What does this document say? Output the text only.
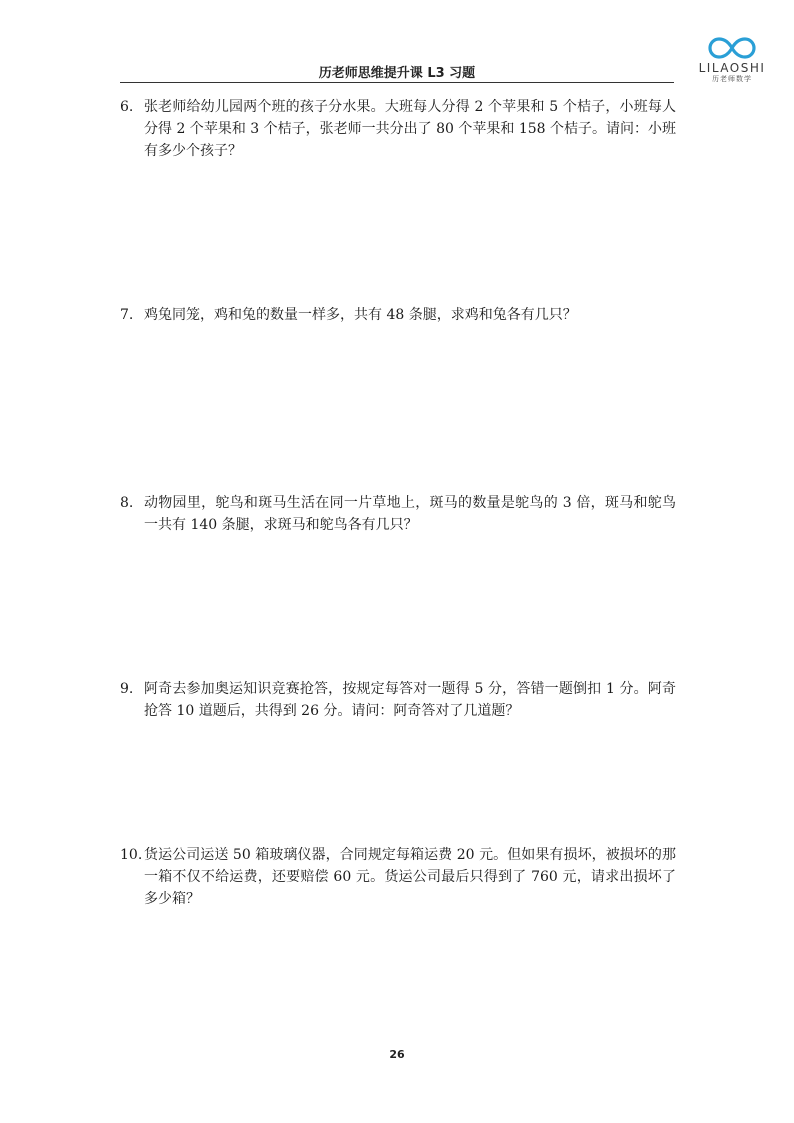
历老师思维提升课 L3 习题	LILAOSHI
历老师数学
6. 张老师给幼儿园两个班的孩子分水果。大班每人分得 2 个苹果和 5 个桔子，小班每人分得 2 个苹果和 3 个桔子，张老师一共分出了 80 个苹果和 158 个桔子。请问：小班有多少个孩子？
7. 鸡兔同笼，鸡和兔的数量一样多，共有 48 条腿，求鸡和兔各有几只？
8. 动物园里，鸵鸟和斑马生活在同一片草地上，斑马的数量是鸵鸟的 3 倍，斑马和鸵鸟一共有 140 条腿，求斑马和鸵鸟各有几只？
9. 阿奇去参加奥运知识竞赛抢答，按规定每答对一题得 5 分，答错一题倒扣 1 分。阿奇抢答 10 道题后，共得到 26 分。请问：阿奇答对了几道题？
10. 货运公司运送 50 箱玻璃仪器，合同规定每箱运费 20 元。但如果有损坏，被损坏的那一箱不仅不给运费，还要赔偿 60 元。货运公司最后只得到了 760 元，请求出损坏了多少箱？
26
